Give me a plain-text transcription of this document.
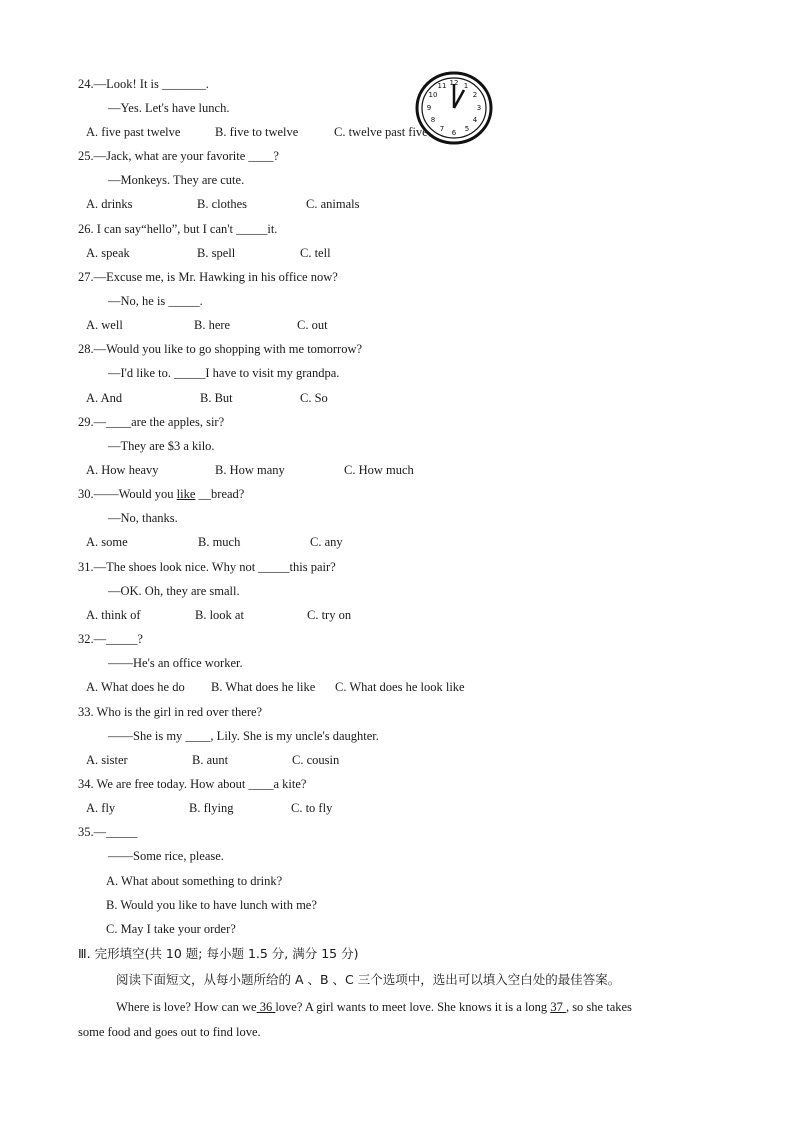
12 1
2
3
4
5
6
7
8
9
10
11
24.—Look! It is _______.
—Yes. Let's have lunch.
A. five past twelve	B. five to twelve	C. twelve past five
25.—Jack, what are your favorite ____?
—Monkeys. They are cute.
A. drinks	B. clothes	C. animals
26. I can say“hello”, but I can't _____it.
A. speak	B. spell	C. tell
27.—Excuse me, is Mr. Hawking in his office now?
—No, he is _____.
A. well	B. here	C. out
28.—Would you like to go shopping with me tomorrow?
—I'd like to. _____I have to visit my grandpa.
A. And	B. But	C. So
29.—____are the apples, sir?
—They are $3 a kilo.
A. How heavy	B. How many	C. How much
30.——Would you like __bread?
—No, thanks.
A. some	B. much	C. any
31.—The shoes look nice. Why not _____this pair?
—OK. Oh, they are small.
A. think of	B. look at	C. try on
32.—_____?
——He's an office worker.
A. What does he do B. What does he like C. What does he look like
33. Who is the girl in red over there?
——She is my ____, Lily. She is my uncle's daughter.
A. sister	B. aunt	C. cousin
34. We are free today. How about ____a kite?
A. fly	B. flying	C. to fly
35.—_____
——Some rice, please.
A. What about something to drink?
B. Would you like to have lunch with me?
C. May I take your order?
Ⅲ. 完形填空(共 10 题; 每小题 1.5 分, 满分 15 分)
阅读下面短文，从每小题所给的 A 、B 、C 三个选项中，选出可以填入空白处的最佳答案。
Where is love? How can we 36 love? A girl wants to meet love. She knows it is a long 37 , so she takes
some food and goes out to find love.
